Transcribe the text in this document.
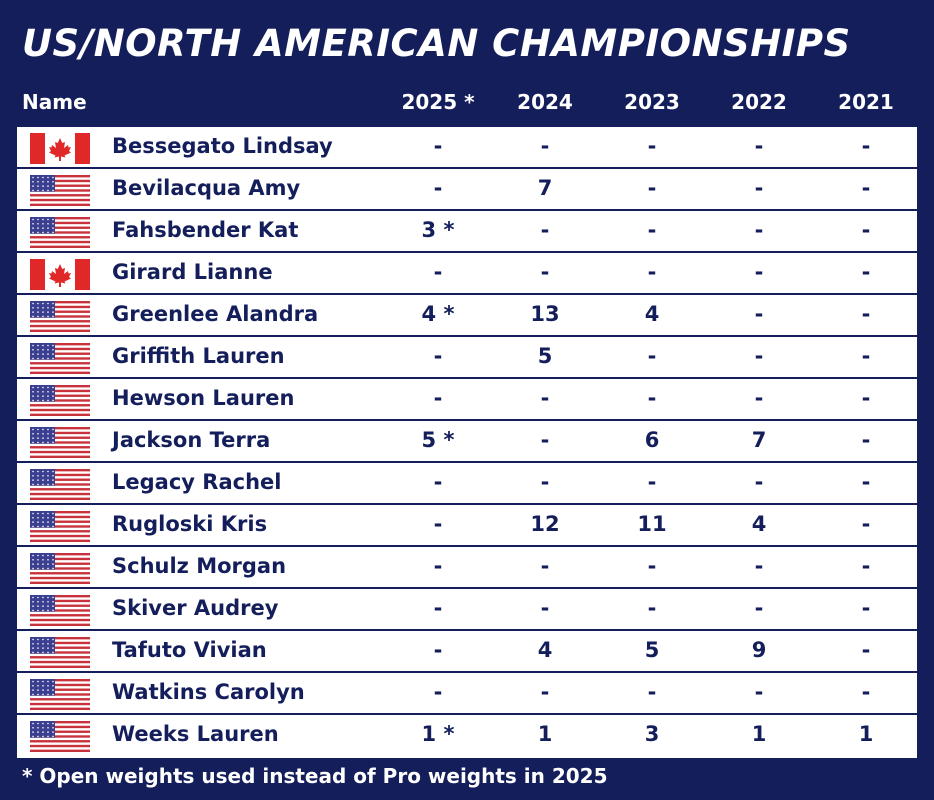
US/NORTH AMERICAN CHAMPIONSHIPS
Name	2025 *	2024	2023	2022	2021
Bessegato Lindsay	-	-	-	-	-
Bevilacqua Amy	-	7	-	-	-
Fahsbender Kat	3 *	-	-	-	-
Girard Lianne	-	-	-	-	-
Greenlee Alandra	4 *	13	4	-	-
Griffith Lauren	-	5	-	-	-
Hewson Lauren	-	-	-	-	-
Jackson Terra	5 *	-	6	7	-
Legacy Rachel	-	-	-	-	-
Rugloski Kris	-	12	11	4	-
Schulz Morgan	-	-	-	-	-
Skiver Audrey	-	-	-	-	-
Tafuto Vivian	-	4	5	9	-
Watkins Carolyn	-	-	-	-	-
Weeks Lauren	1 *	1	3	1	1
* Open weights used instead of Pro weights in 2025
